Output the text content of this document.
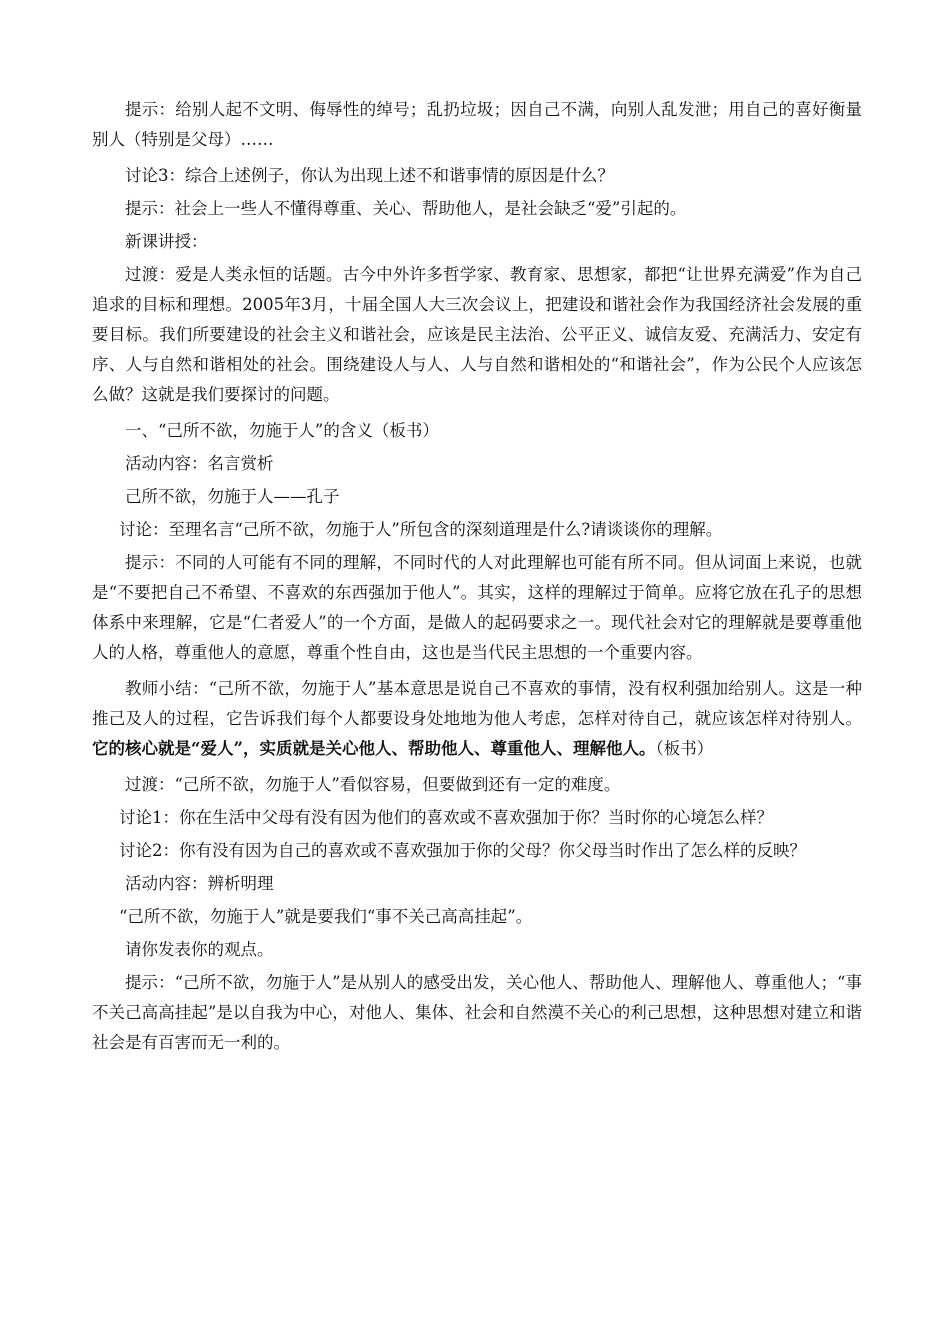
提示：给别人起不文明、侮辱性的绰号；乱扔垃圾；因自己不满，向别人乱发泄；用自己的喜好衡量别人（特别是父母）……

讨论3：综合上述例子，你认为出现上述不和谐事情的原因是什么？

提示：社会上一些人不懂得尊重、关心、帮助他人，是社会缺乏“爱”引起的。

新课讲授：

过渡：爱是人类永恒的话题。古今中外许多哲学家、教育家、思想家，都把“让世界充满爱”作为自己追求的目标和理想。2005年3月，十届全国人大三次会议上，把建设和谐社会作为我国经济社会发展的重要目标。我们所要建设的社会主义和谐社会，应该是民主法治、公平正义、诚信友爱、充满活力、安定有序、人与自然和谐相处的社会。围绕建设人与人、人与自然和谐相处的“和谐社会”，作为公民个人应该怎么做？这就是我们要探讨的问题。

一、“己所不欲，勿施于人”的含义（板书）

活动内容：名言赏析

己所不欲，勿施于人——孔子

讨论：至理名言“己所不欲，勿施于人”所包含的深刻道理是什么?请谈谈你的理解。

提示：不同的人可能有不同的理解，不同时代的人对此理解也可能有所不同。但从词面上来说，也就是“不要把自己不希望、不喜欢的东西强加于他人”。其实，这样的理解过于简单。应将它放在孔子的思想体系中来理解，它是“仁者爱人”的一个方面，是做人的起码要求之一。现代社会对它的理解就是要尊重他人的人格，尊重他人的意愿，尊重个性自由，这也是当代民主思想的一个重要内容。

教师小结：“己所不欲，勿施于人”基本意思是说自己不喜欢的事情，没有权利强加给别人。这是一种推己及人的过程，它告诉我们每个人都要设身处地地为他人考虑，怎样对待自己，就应该怎样对待别人。它的核心就是“爱人”，实质就是关心他人、帮助他人、尊重他人、理解他人。（板书）

过渡：“己所不欲，勿施于人”看似容易，但要做到还有一定的难度。

讨论1：你在生活中父母有没有因为他们的喜欢或不喜欢强加于你？当时你的心境怎么样？

讨论2：你有没有因为自己的喜欢或不喜欢强加于你的父母？你父母当时作出了怎么样的反映？

活动内容：辨析明理

“己所不欲，勿施于人”就是要我们“事不关己高高挂起”。

请你发表你的观点。

提示：“己所不欲，勿施于人”是从别人的感受出发，关心他人、帮助他人、理解他人、尊重他人；“事不关己高高挂起”是以自我为中心，对他人、集体、社会和自然漠不关心的利己思想，这种思想对建立和谐社会是有百害而无一利的。
